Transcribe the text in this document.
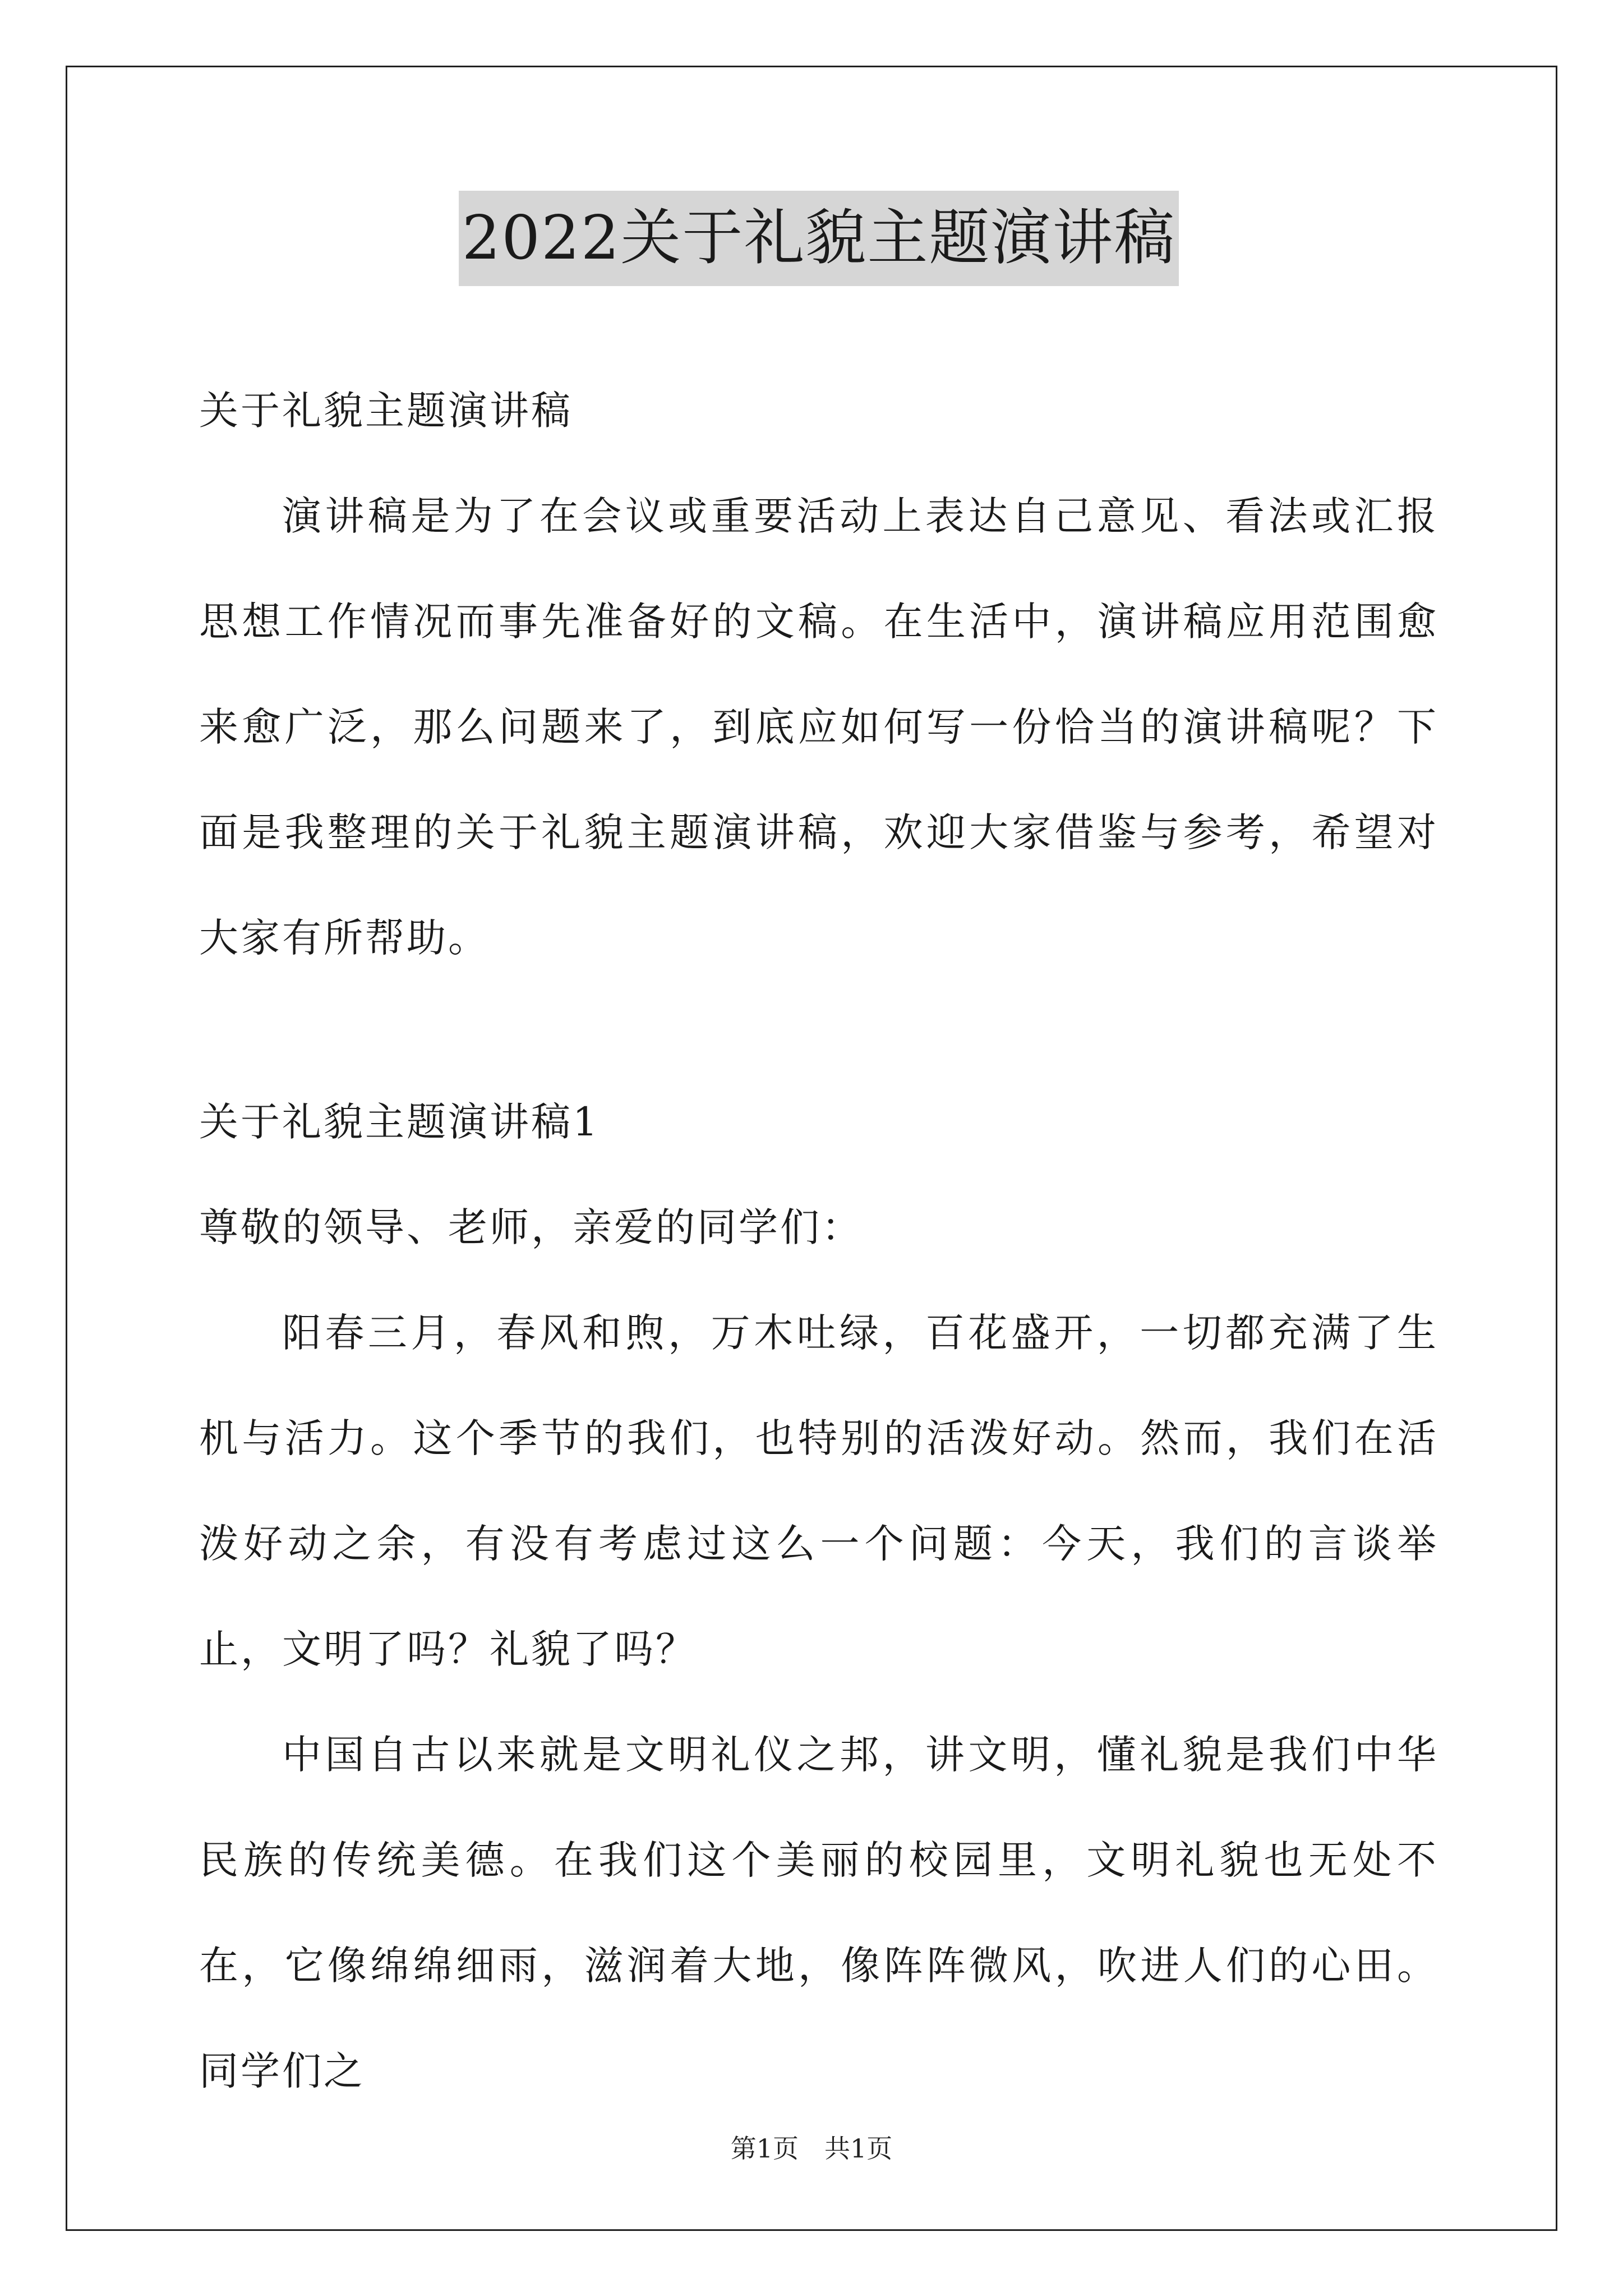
2022关于礼貌主题演讲稿

关于礼貌主题演讲稿

演讲稿是为了在会议或重要活动上表达自己意见、看法或汇报思想工作情况而事先准备好的文稿。在生活中，演讲稿应用范围愈来愈广泛，那么问题来了，到底应如何写一份恰当的演讲稿呢？下面是我整理的关于礼貌主题演讲稿，欢迎大家借鉴与参考，希望对大家有所帮助。

关于礼貌主题演讲稿1

尊敬的领导、老师，亲爱的同学们：

阳春三月，春风和煦，万木吐绿，百花盛开，一切都充满了生机与活力。这个季节的我们，也特别的活泼好动。然而，我们在活泼好动之余，有没有考虑过这么一个问题：今天，我们的言谈举止，文明了吗？礼貌了吗？

中国自古以来就是文明礼仪之邦，讲文明，懂礼貌是我们中华民族的传统美德。在我们这个美丽的校园里，文明礼貌也无处不在，它像绵绵细雨，滋润着大地，像阵阵微风，吹进人们的心田。同学们之

第1页　共1页
